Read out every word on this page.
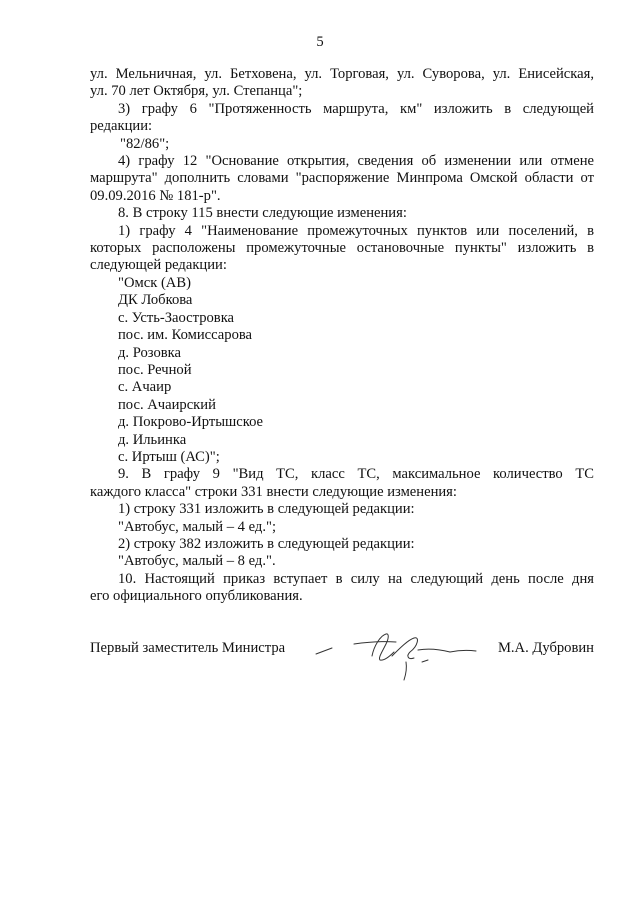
5

ул. Мельничная, ул. Бетховена, ул. Торговая, ул. Суворова, ул. Енисейская,

ул. 70 лет Октября, ул. Степанца";

3) графу 6 "Протяженность маршрута, км" изложить в следующей

редакции:

"82/86";

4) графу 12 "Основание открытия, сведения об изменении или отмене

маршрута" дополнить словами "распоряжение Минпрома Омской области от

09.09.2016 № 181-р".

8. В строку 115 внести следующие изменения:

1) графу 4 "Наименование промежуточных пунктов или поселений, в

которых расположены промежуточные остановочные пункты" изложить в

следующей редакции:

"Омск (АВ)
ДК Лобкова
с. Усть-Заостровка
пос. им. Комиссарова
д. Розовка
пос. Речной
с. Ачаир
пос. Ачаирский
д. Покрово-Иртышское
д. Ильинка
с. Иртыш (АС)";

9. В графу 9 "Вид ТС, класс ТС, максимальное количество ТС

каждого класса" строки 331 внести следующие изменения:

1) строку 331 изложить в следующей редакции:

"Автобус, малый – 4 ед.";

2) строку 382 изложить в следующей редакции:

"Автобус, малый – 8 ед.".

10. Настоящий приказ вступает в силу на следующий день после дня

его официального опубликования.

Первый заместитель Министра	М.А. Дубровин
